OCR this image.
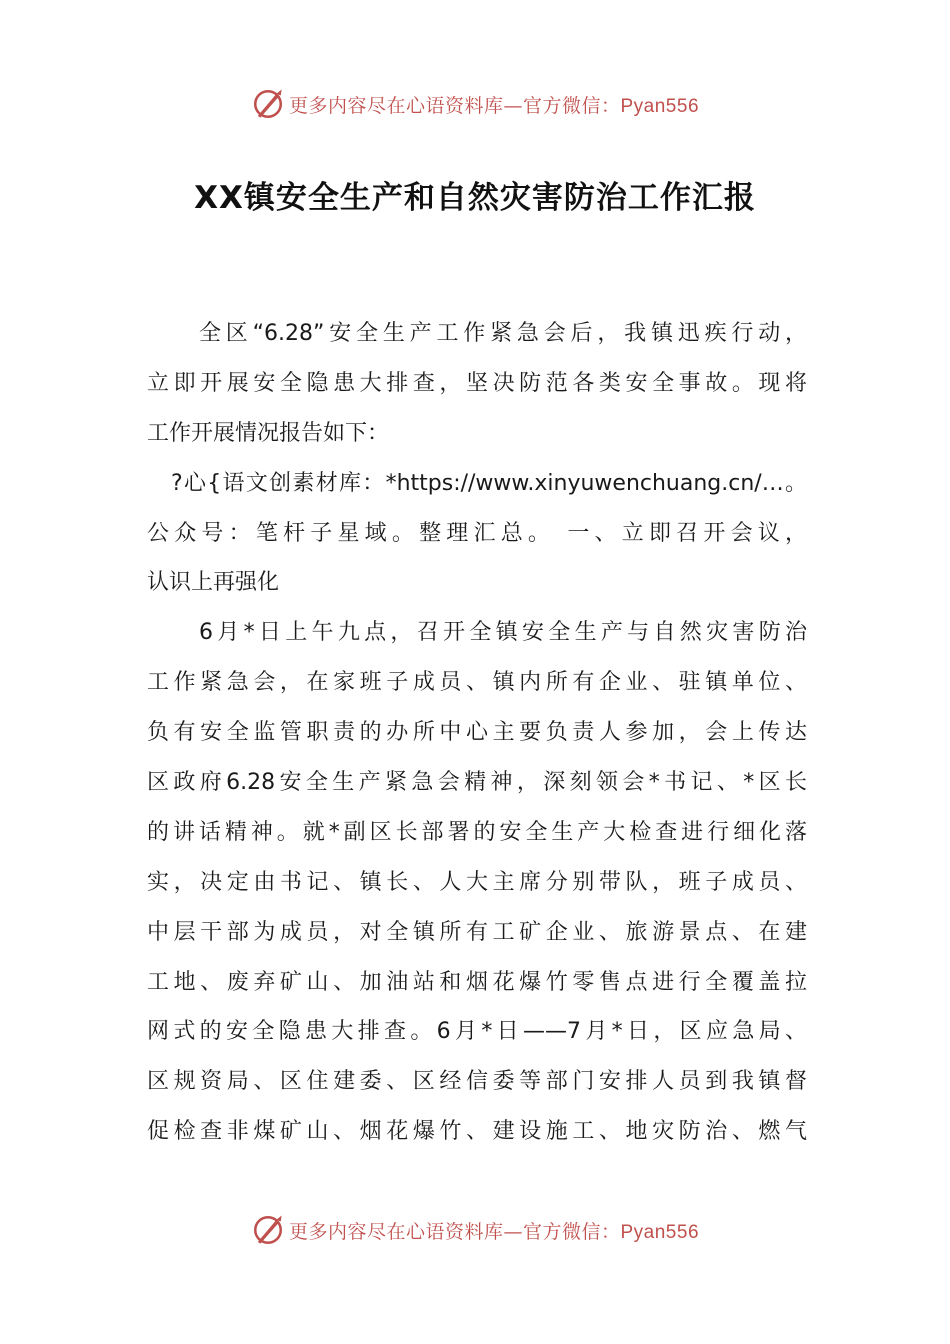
更多内容尽在心语资料库—官方微信：Pyan556
XX镇安全生产和自然灾害防治工作汇报
全区“6.28”安全生产工作紧急会后，我镇迅疾行动，
立即开展安全隐患大排查，坚决防范各类安全事故。现将
工作开展情况报告如下：
?心{语文创素材库：*https://www.xinyuwenchuang.cn/…。
公众号：笔杆子星域。整理汇总。 一、立即召开会议，
认识上再强化
6月*日上午九点，召开全镇安全生产与自然灾害防治
工作紧急会，在家班子成员、镇内所有企业、驻镇单位、
负有安全监管职责的办所中心主要负责人参加，会上传达
区政府6.28安全生产紧急会精神，深刻领会*书记、*区长
的讲话精神。就*副区长部署的安全生产大检查进行细化落
实，决定由书记、镇长、人大主席分别带队，班子成员、
中层干部为成员，对全镇所有工矿企业、旅游景点、在建
工地、废弃矿山、加油站和烟花爆竹零售点进行全覆盖拉
网式的安全隐患大排查。6月*日——7月*日，区应急局、
区规资局、区住建委、区经信委等部门安排人员到我镇督
促检查非煤矿山、烟花爆竹、建设施工、地灾防治、燃气
更多内容尽在心语资料库—官方微信：Pyan556
